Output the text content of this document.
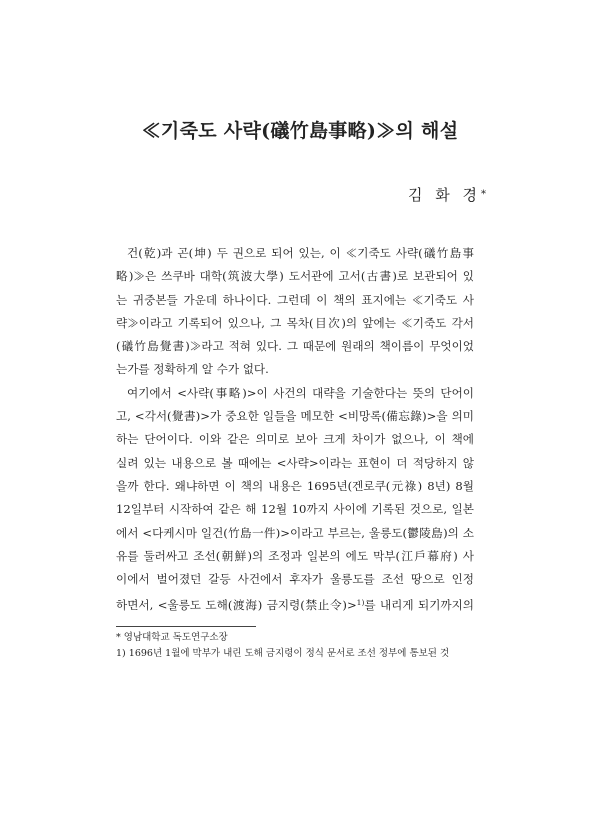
≪기죽도 사략(礒竹島事略)≫의 해설
김 화 경*
건(乾)과 곤(坤) 두 권으로 되어 있는, 이 ≪기죽도 사략(礒竹島事
略)≫은 쓰쿠바 대학(筑波大學) 도서관에 고서(古書)로 보관되어 있
는 귀중본들 가운데 하나이다. 그런데 이 책의 표지에는 ≪기죽도 사
략≫이라고 기록되어 있으나, 그 목차(目次)의 앞에는 ≪기죽도 각서
(礒竹島覺書)≫라고 적혀 있다. 그 때문에 원래의 책이름이 무엇이었
는가를 정확하게 알 수가 없다.
여기에서 <사략(事略)>이 사건의 대략을 기술한다는 뜻의 단어이
고, <각서(覺書)>가 중요한 일들을 메모한 <비망록(備忘錄)>을 의미
하는 단어이다. 이와 같은 의미로 보아 크게 차이가 없으나, 이 책에
실려 있는 내용으로 볼 때에는 <사략>이라는 표현이 더 적당하지 않
을까 한다. 왜냐하면 이 책의 내용은 1695년(겐로쿠(元祿) 8년) 8월
12일부터 시작하여 같은 해 12월 10까지 사이에 기록된 것으로, 일본
에서 <다케시마 일건(竹島一件)>이라고 부르는, 울릉도(鬱陵島)의 소
유를 둘러싸고 조선(朝鮮)의 조정과 일본의 에도 막부(江戶幕府) 사
이에서 벌어졌던 갈등 사건에서 후자가 울릉도를 조선 땅으로 인정
하면서, <울릉도 도해(渡海) 금지령(禁止令)>$^{1)}$를 내리게 되기까지의
* 영남대학교 독도연구소장
1) 1696년 1월에 막부가 내린 도해 금지령이 정식 문서로 조선 정부에 통보된 것
